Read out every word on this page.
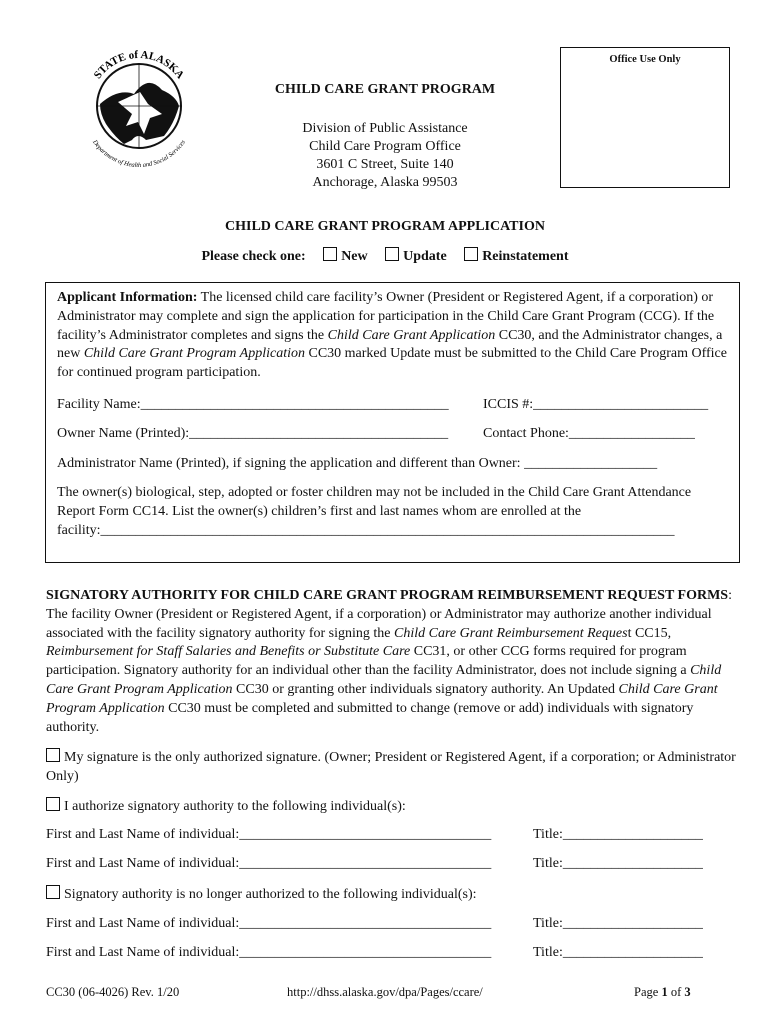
STATE of ALASKA
Department of Health and Social Services
Office Use Only
CHILD CARE GRANT PROGRAM
Division of Public Assistance
Child Care Program Office
3601 C Street, Suite 140
Anchorage, Alaska 99503
CHILD CARE GRANT PROGRAM APPLICATION
Please check one:	New	Update	Reinstatement
Applicant Information: The licensed child care facility’s Owner (President or Registered Agent, if a corporation) or Administrator may complete and sign the application for participation in the Child Care Grant Program (CCG). If the facility’s Administrator completes and signs the Child Care Grant Application CC30, and the Administrator changes, a new Child Care Grant Program Application CC30 marked Update must be submitted to the Child Care Program Office for continued program participation.
Facility Name:____________________________________________ ICCIS #:_________________________
Owner Name (Printed):_____________________________________ Contact Phone:__________________
Administrator Name (Printed), if signing the application and different than Owner: ___________________
The owner(s) biological, step, adopted or foster children may not be included in the Child Care Grant Attendance Report Form CC14. List the owner(s) children’s first and last names whom are enrolled at the facility:__________________________________________________________________________________
SIGNATORY AUTHORITY FOR CHILD CARE GRANT PROGRAM REIMBURSEMENT REQUEST FORMS: The facility Owner (President or Registered Agent, if a corporation) or Administrator may authorize another individual associated with the facility signatory authority for signing the Child Care Grant Reimbursement Request CC15, Reimbursement for Staff Salaries and Benefits or Substitute Care CC31, or other CCG forms required for program participation. Signatory authority for an individual other than the facility Administrator, does not include signing a Child Care Grant Program Application CC30 or granting other individuals signatory authority. An Updated Child Care Grant Program Application CC30 must be completed and submitted to change (remove or add) individuals with signatory authority.
My signature is the only authorized signature. (Owner; President or Registered Agent, if a corporation; or Administrator Only)
I authorize signatory authority to the following individual(s):
First and Last Name of individual:____________________________________	Title:____________________
First and Last Name of individual:____________________________________	Title:____________________
Signatory authority is no longer authorized to the following individual(s):
First and Last Name of individual:____________________________________	Title:____________________
First and Last Name of individual:____________________________________	Title:____________________
CC30 (06-4026) Rev. 1/20	http://dhss.alaska.gov/dpa/Pages/ccare/	Page 1 of 3
